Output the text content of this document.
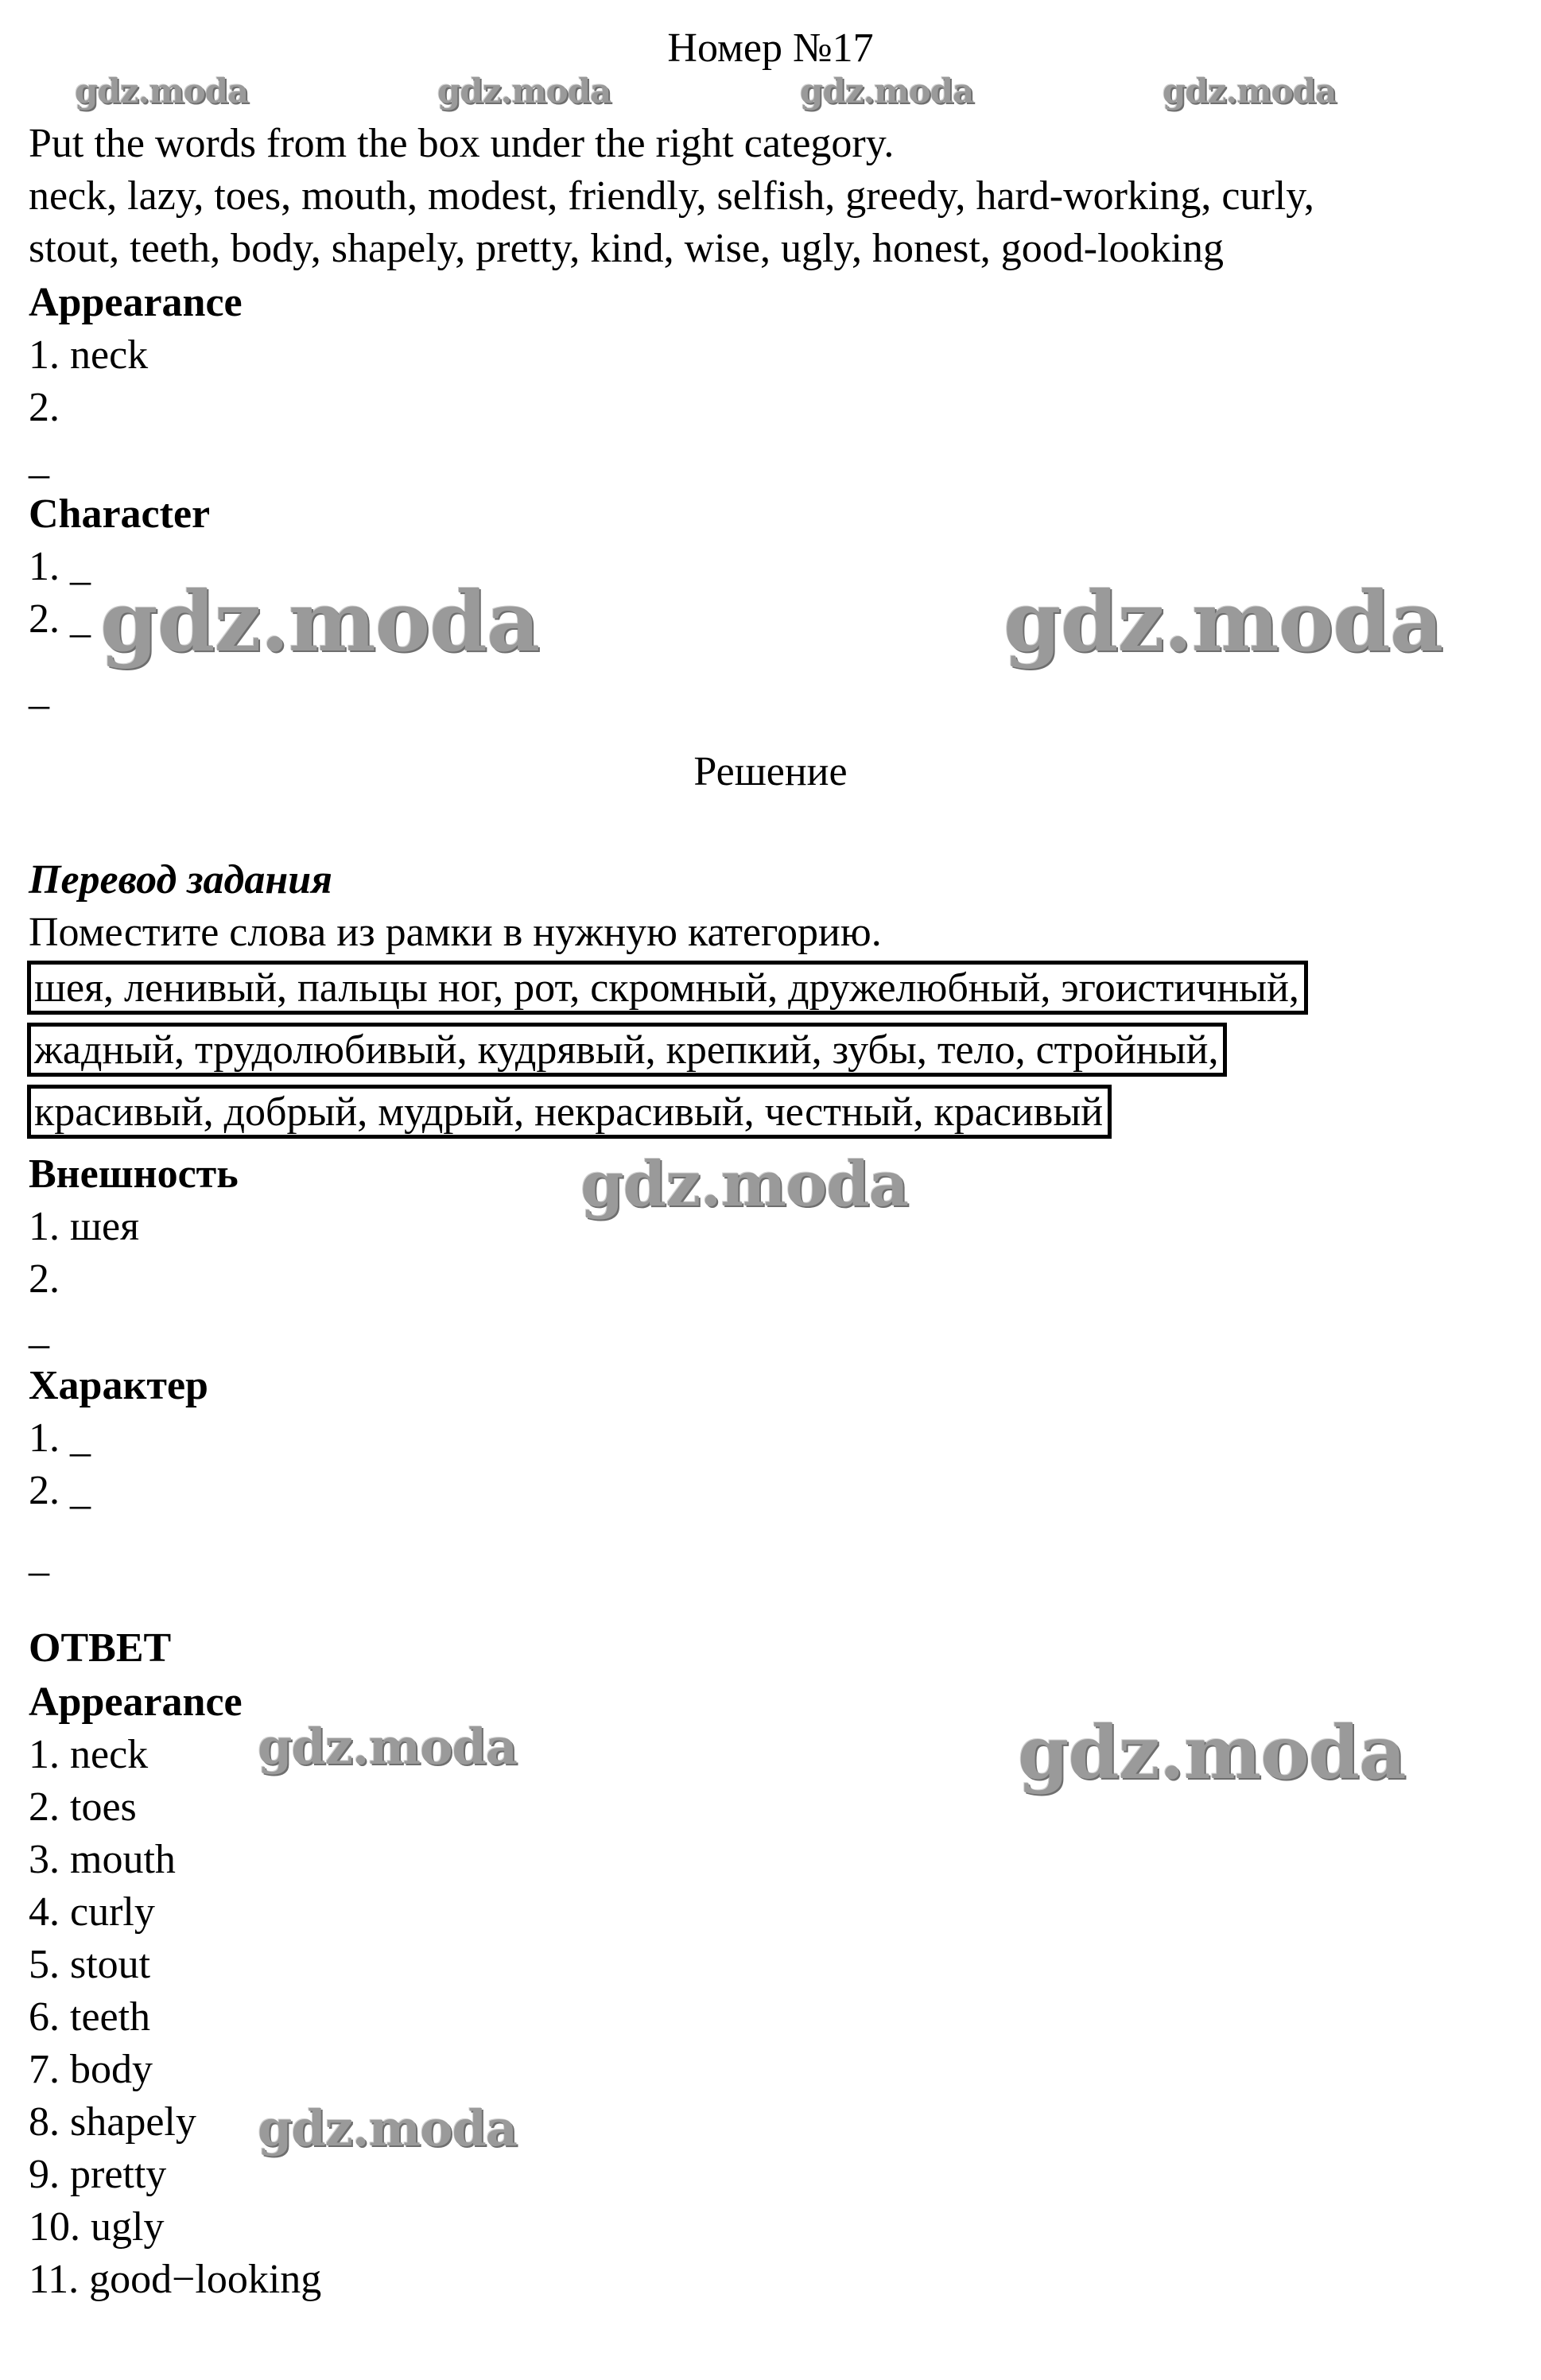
Номер №17
gdz.moda	gdz.moda	gdz.moda	gdz.moda
Put the words from the box under the right category.
neck, lazy, toes, mouth, modest, friendly, selfish, greedy, hard-working, curly,
stout, teeth, body, shapely, pretty, kind, wise, ugly, honest, good-looking
Appearance
1. neck
2.
_
Character
1. _
2. _
_
gdz.moda	gdz.moda
Решение
Перевод задания
Поместите слова из рамки в нужную категорию.
шея, ленивый, пальцы ног, рот, скромный, дружелюбный, эгоистичный,
жадный, трудолюбивый, кудрявый, крепкий, зубы, тело, стройный,
красивый, добрый, мудрый, некрасивый, честный, красивый
Внешность
1. шея
2.
_
Характер
1. _
2. _
_
gdz.moda
ОТВЕТ
Appearance
1. neck
2. toes
3. mouth
4. curly
5. stout
6. teeth
7. body
8. shapely
9. pretty
10. ugly
11. good−looking
gdz.moda	gdz.moda
gdz.moda
